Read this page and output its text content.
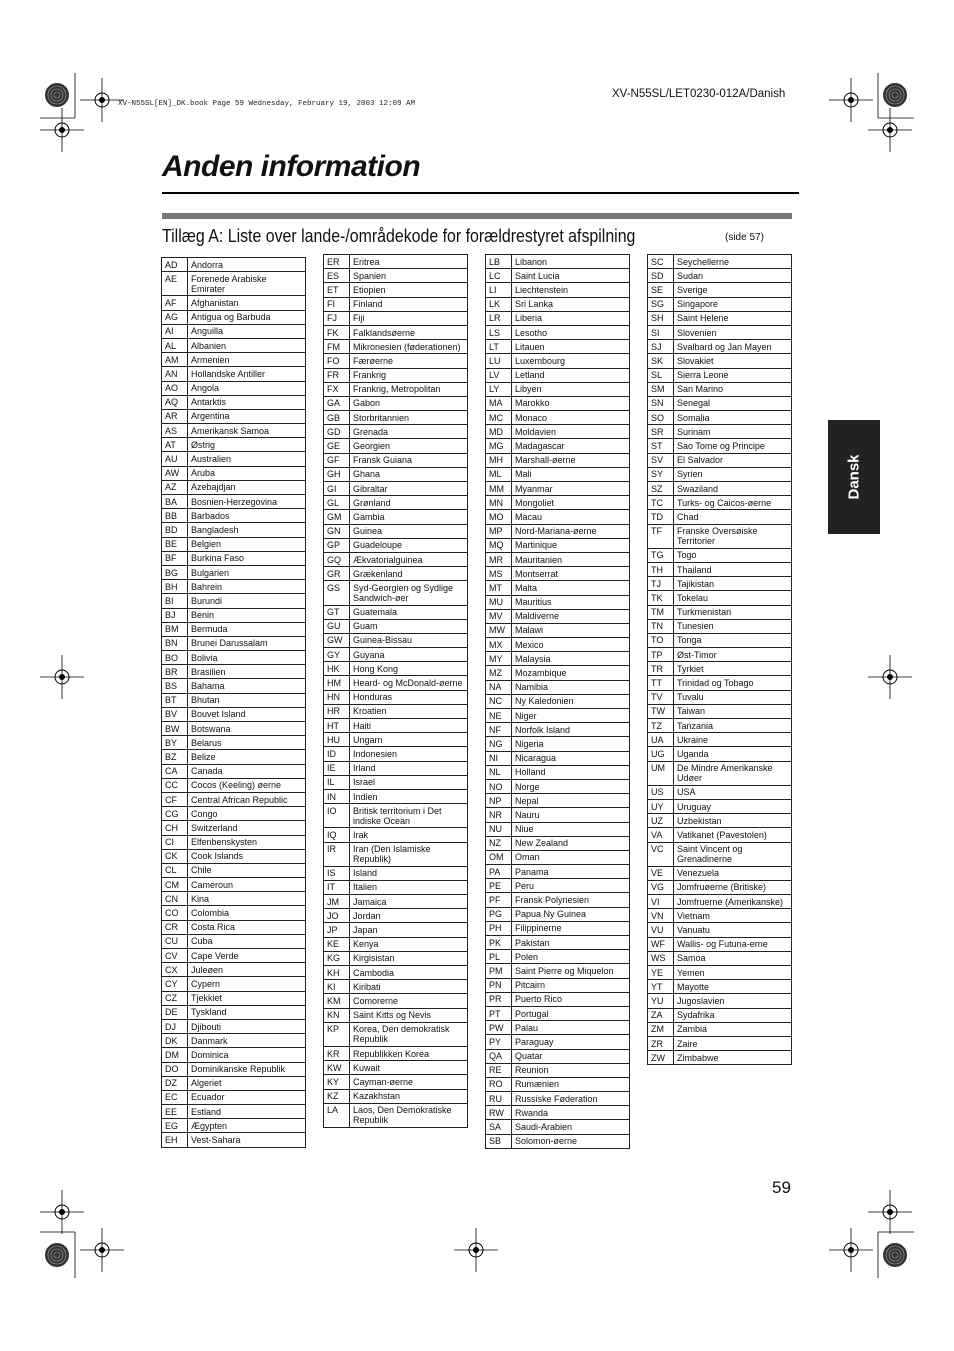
XV-N55SL[EN]_DK.book Page 59 Wednesday, February 19, 2003 12:09 AM
XV-N55SL/LET0230-012A/Danish
Anden information
Tillæg A: Liste over lande-/områdekode for forældrestyret afspilning	(side 57)
Dansk
AD	Andorra
AE	Forenede Arabiske Emirater
AF	Afghanistan
AG	Antigua og Barbuda
AI	Anguilla
AL	Albanien
AM	Armenien
AN	Hollandske Antiller
AO	Angola
AQ	Antarktis
AR	Argentina
AS	Amerikansk Samoa
AT	Østrig
AU	Australien
AW	Aruba
AZ	Azebajdjan
BA	Bosnien-Herzegovina
BB	Barbados
BD	Bangladesh
BE	Belgien
BF	Burkina Faso
BG	Bulgarien
BH	Bahrein
BI	Burundi
BJ	Benin
BM	Bermuda
BN	Brunei Darussalam
BO	Bolivia
BR	Brasilien
BS	Bahama
BT	Bhutan
BV	Bouvet Island
BW	Botswana
BY	Belarus
BZ	Belize
CA	Canada
CC	Cocos (Keeling) øerne
CF	Central African Republic
CG	Congo
CH	Switzerland
CI	Elfenbenskysten
CK	Cook Islands
CL	Chile
CM	Cameroun
CN	Kina
CO	Colombia
CR	Costa Rica
CU	Cuba
CV	Cape Verde
CX	Juleøen
CY	Cypern
CZ	Tjekkiet
DE	Tyskland
DJ	Djibouti
DK	Danmark
DM	Dominica
DO	Dominikanske Republik
DZ	Algeriet
EC	Ecuador
EE	Estland
EG	Ægypten
EH	Vest-Sahara
ER	Eritrea
ES	Spanien
ET	Etiopien
FI	Finland
FJ	Fiji
FK	Falklandsøerne
FM	Mikronesien (føderationen)
FO	Færøerne
FR	Frankrig
FX	Frankrig, Metropolitan
GA	Gabon
GB	Storbritannien
GD	Grenada
GE	Georgien
GF	Fransk Guiana
GH	Ghana
GI	Gibraltar
GL	Grønland
GM	Gambia
GN	Guinea
GP	Guadeloupe
GQ	Ækvatorialguinea
GR	Grækenland
GS	Syd-Georgien og Sydlige Sandwich-øer
GT	Guatemala
GU	Guam
GW	Guinea-Bissau
GY	Guyana
HK	Hong Kong
HM	Heard- og McDonald-øerne
HN	Honduras
HR	Kroatien
HT	Haiti
HU	Ungarn
ID	Indonesien
IE	Irland
IL	Israel
IN	Indien
IO	Britisk territorium i Det indiske Ocean
IQ	Irak
IR	Iran (Den Islamiske Republik)
IS	Island
IT	Italien
JM	Jamaica
JO	Jordan
JP	Japan
KE	Kenya
KG	Kirgisistan
KH	Cambodia
KI	Kiribati
KM	Comorerne
KN	Saint Kitts og Nevis
KP	Korea, Den demokratisk Republik
KR	Republikken Korea
KW	Kuwait
KY	Cayman-øerne
KZ	Kazakhstan
LA	Laos, Den Demokratiske Republik
LB	Libanon
LC	Saint Lucia
LI	Liechtenstein
LK	Sri Lanka
LR	Liberia
LS	Lesotho
LT	Litauen
LU	Luxembourg
LV	Letland
LY	Libyen
MA	Marokko
MC	Monaco
MD	Moldavien
MG	Madagascar
MH	Marshall-øerne
ML	Mali
MM	Myanmar
MN	Mongoliet
MO	Macau
MP	Nord-Mariana-øerne
MQ	Martinique
MR	Mauritanien
MS	Montserrat
MT	Malta
MU	Mauritius
MV	Maldiverne
MW	Malawi
MX	Mexico
MY	Malaysia
MZ	Mozambique
NA	Namibia
NC	Ny Kaledonien
NE	Niger
NF	Norfolk Island
NG	Nigeria
NI	Nicaragua
NL	Holland
NO	Norge
NP	Nepal
NR	Nauru
NU	Niue
NZ	New Zealand
OM	Oman
PA	Panama
PE	Peru
PF	Fransk Polynesien
PG	Papua Ny Guinea
PH	Filippinerne
PK	Pakistan
PL	Polen
PM	Saint Pierre og Miquelon
PN	Pitcairn
PR	Puerto Rico
PT	Portugal
PW	Palau
PY	Paraguay
QA	Quatar
RE	Reunion
RO	Rumænien
RU	Russiske Føderation
RW	Rwanda
SA	Saudi-Arabien
SB	Solomon-øerne
SC	Seychellerne
SD	Sudan
SE	Sverige
SG	Singapore
SH	Saint Helene
SI	Slovenien
SJ	Svalbard og Jan Mayen
SK	Slovakiet
SL	Sierra Leone
SM	San Marino
SN	Senegal
SO	Somalia
SR	Surinam
ST	Sao Tome og Principe
SV	El Salvador
SY	Syrien
SZ	Swaziland
TC	Turks- og Caicos-øerne
TD	Chad
TF	Franske Oversøiske Territorier
TG	Togo
TH	Thailand
TJ	Tajikistan
TK	Tokelau
TM	Turkmenistan
TN	Tunesien
TO	Tonga
TP	Øst-Timor
TR	Tyrkiet
TT	Trinidad og Tobago
TV	Tuvalu
TW	Taiwan
TZ	Tanzania
UA	Ukraine
UG	Uganda
UM	De Mindre Amerikanske Udøer
US	USA
UY	Uruguay
UZ	Uzbekistan
VA	Vatikanet (Pavestolen)
VC	Saint Vincent og Grenadinerne
VE	Venezuela
VG	Jomfruøerne (Britiske)
VI	Jomfruerne (Amerikanske)
VN	Vietnam
VU	Vanuatu
WF	Wallis- og Futuna-erne
WS	Samoa
YE	Yemen
YT	Mayotte
YU	Jugoslavien
ZA	Sydafrika
ZM	Zambia
ZR	Zaire
ZW	Zimbabwe
59
